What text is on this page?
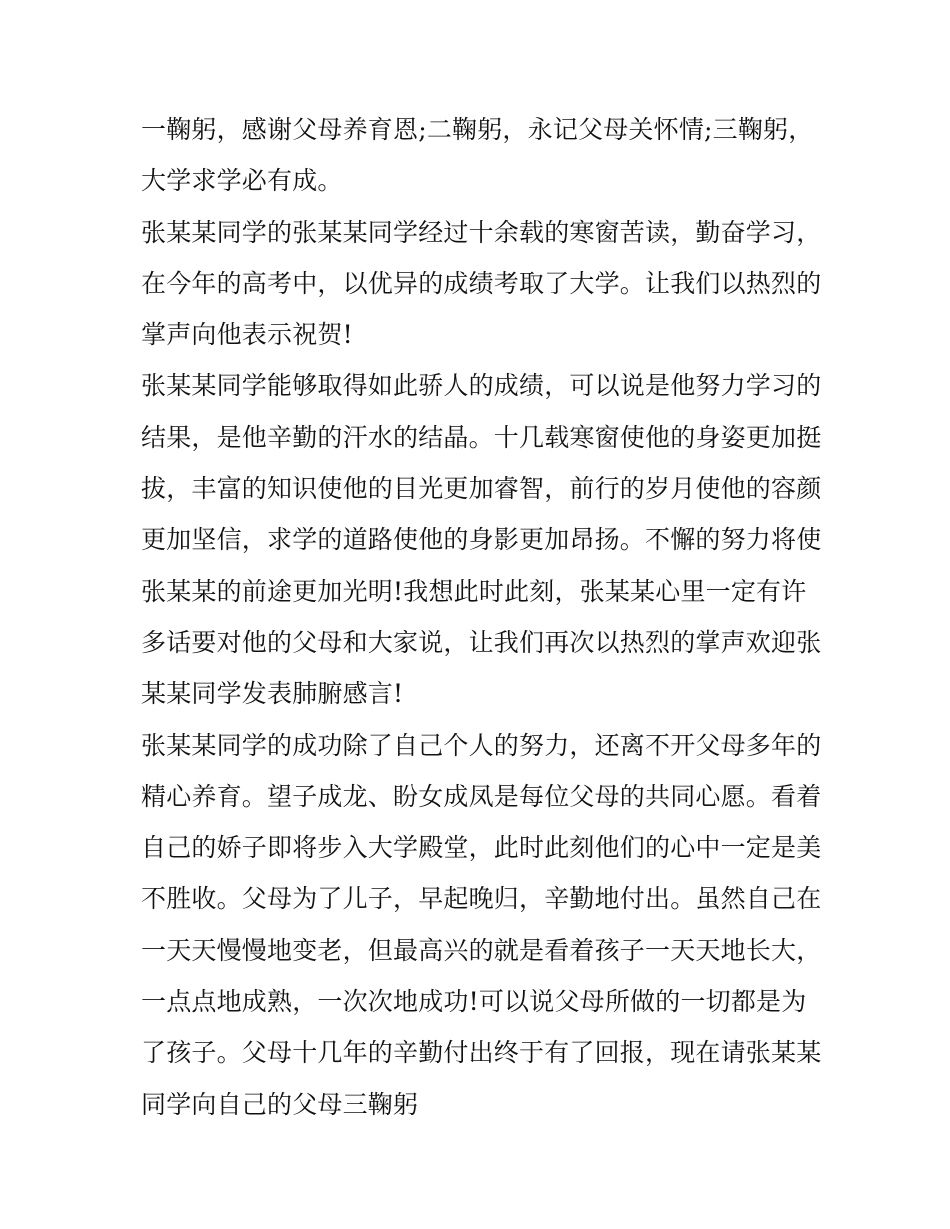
一鞠躬，感谢父母养育恩;二鞠躬，永记父母关怀情;三鞠躬，
大学求学必有成。
张某某同学的张某某同学经过十余载的寒窗苦读，勤奋学习，
在今年的高考中，以优异的成绩考取了大学。让我们以热烈的
掌声向他表示祝贺!
张某某同学能够取得如此骄人的成绩，可以说是他努力学习的
结果，是他辛勤的汗水的结晶。十几载寒窗使他的身姿更加挺
拔，丰富的知识使他的目光更加睿智，前行的岁月使他的容颜
更加坚信，求学的道路使他的身影更加昂扬。不懈的努力将使
张某某的前途更加光明!我想此时此刻，张某某心里一定有许
多话要对他的父母和大家说，让我们再次以热烈的掌声欢迎张
某某同学发表肺腑感言!
张某某同学的成功除了自己个人的努力，还离不开父母多年的
精心养育。望子成龙、盼女成凤是每位父母的共同心愿。看着
自己的娇子即将步入大学殿堂，此时此刻他们的心中一定是美
不胜收。父母为了儿子，早起晚归，辛勤地付出。虽然自己在
一天天慢慢地变老，但最高兴的就是看着孩子一天天地长大，
一点点地成熟，一次次地成功!可以说父母所做的一切都是为
了孩子。父母十几年的辛勤付出终于有了回报，现在请张某某
同学向自己的父母三鞠躬
